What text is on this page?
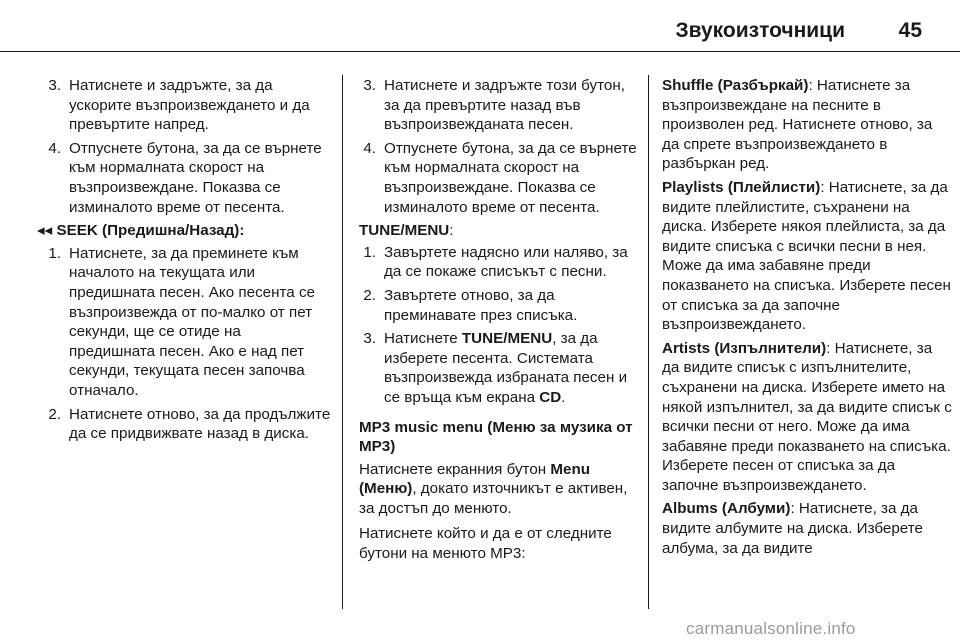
Звукоизточници	45
3. Натиснете и задръжте, за да ускорите възпроизвеждането и да превъртите напред.
4. Отпуснете бутона, за да се върнете към нормалната скорост на възпроизвеждане. Показва се изминалото време от песента.
◂◂ SEEK (Предишна/Назад):
1. Натиснете, за да преминете към началото на текущата или предишната песен. Ако песента се възпроизвежда от по-малко от пет секунди, ще се отиде на предишната песен. Ако е над пет секунди, текущата песен започва отначало.
2. Натиснете отново, за да продължите да се придвижвате назад в диска.
3. Натиснете и задръжте този бутон, за да превъртите назад във възпроизвежданата песен.
4. Отпуснете бутона, за да се върнете към нормалната скорост на възпроизвеждане. Показва се изминалото време от песента.
TUNE/MENU:
1. Завъртете надясно или наляво, за да се покаже списъкът с песни.
2. Завъртете отново, за да преминавате през списъка.
3. Натиснете TUNE/MENU, за да изберете песента. Системата възпроизвежда избраната песен и се връща към екрана CD.
MP3 music menu (Меню за музика от MP3)
Натиснете екранния бутон Menu (Меню), докато източникът е активен, за достъп до менюто.
Натиснете който и да е от следните бутони на менюто MP3:
Shuffle (Разбъркай): Натиснете за възпроизвеждане на песните в произволен ред. Натиснете отново, за да спрете възпроизвеждането в разбъркан ред.
Playlists (Плейлисти): Натиснете, за да видите плейлистите, съхранени на диска. Изберете някоя плейлиста, за да видите списъка с всички песни в нея. Може да има забавяне преди показването на списъка. Изберете песен от списъка за да започне възпроизвеждането.
Artists (Изпълнители): Натиснете, за да видите списък с изпълнителите, съхранени на диска. Изберете името на някой изпълнител, за да видите списък с всички песни от него. Може да има забавяне преди показването на списъка. Изберете песен от списъка за да започне възпроизвеждането.
Albums (Албуми): Натиснете, за да видите албумите на диска. Изберете албума, за да видите
carmanualsonline.info
